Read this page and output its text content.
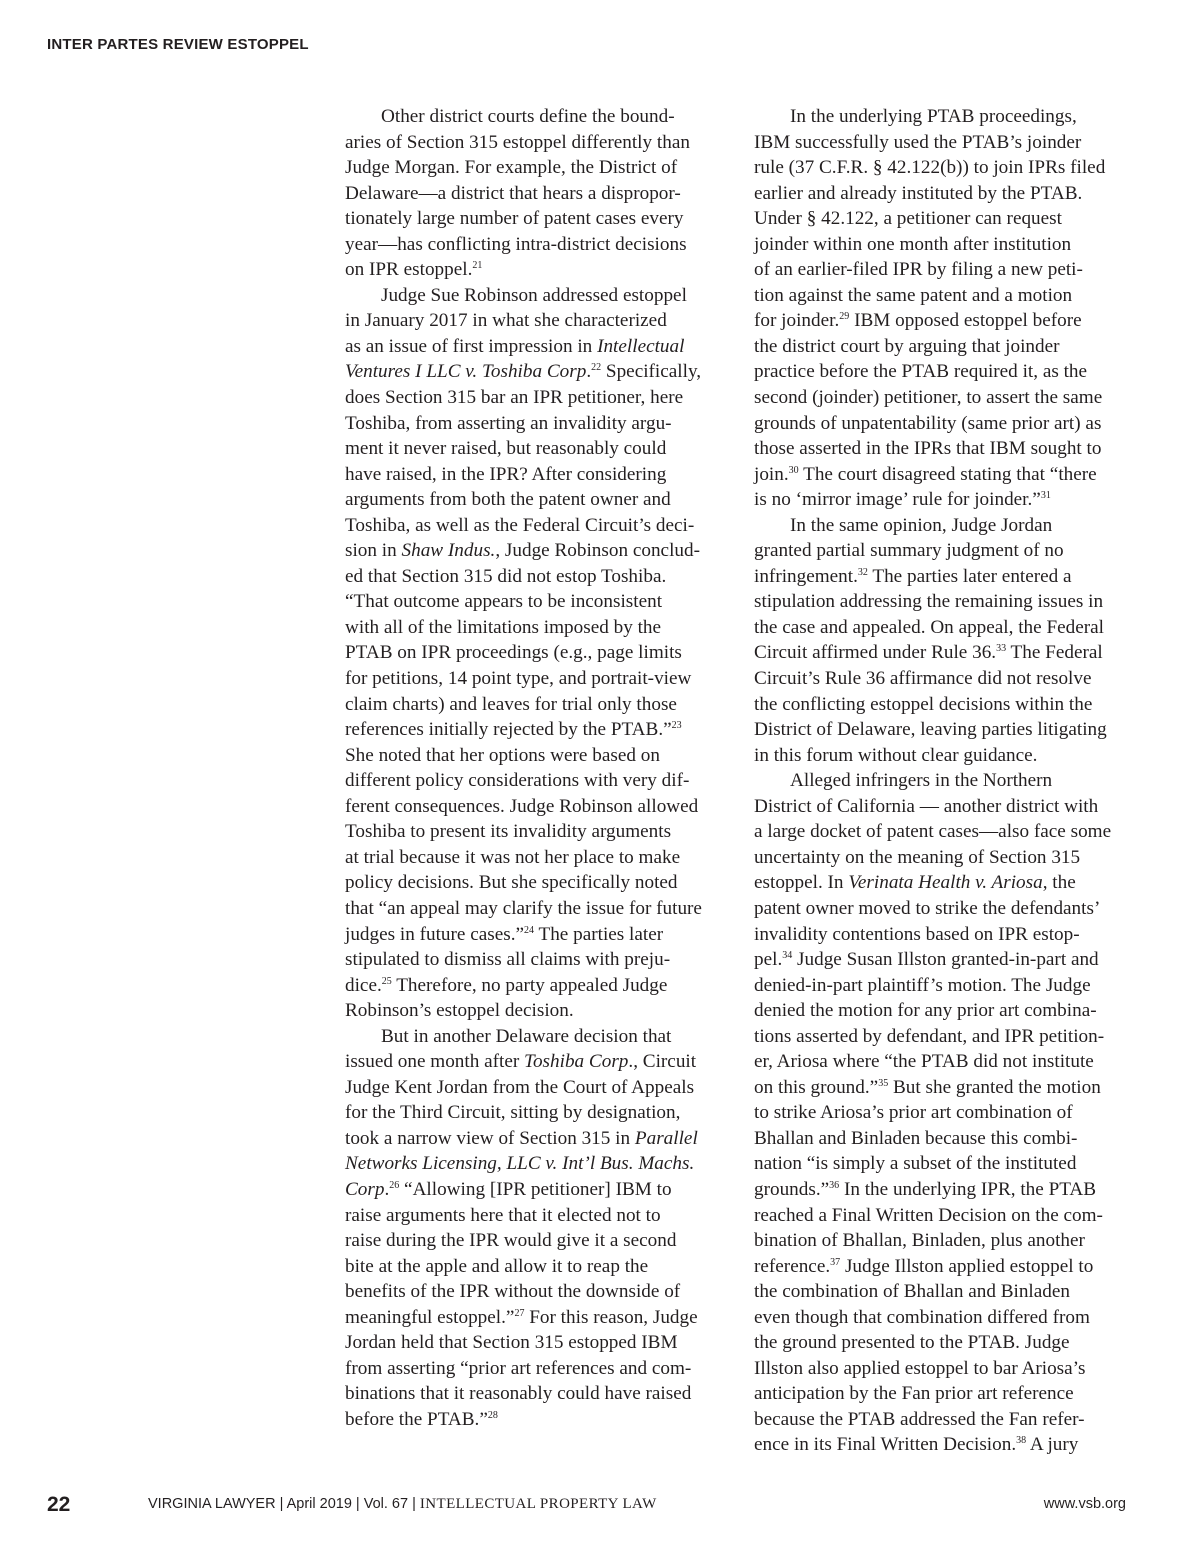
INTER PARTES REVIEW ESTOPPEL
Other district courts define the bound-
aries of Section 315 estoppel differently than
Judge Morgan. For example, the District of
Delaware—a district that hears a dispropor-
tionately large number of patent cases every
year—has conflicting intra-district decisions
on IPR estoppel.$^{21}$
Judge Sue Robinson addressed estoppel
in January 2017 in what she characterized
as an issue of first impression in Intellectual
Ventures I LLC v. Toshiba Corp.$^{22}$ Specifically,
does Section 315 bar an IPR petitioner, here
Toshiba, from asserting an invalidity argu-
ment it never raised, but reasonably could
have raised, in the IPR? After considering
arguments from both the patent owner and
Toshiba, as well as the Federal Circuit’s deci-
sion in Shaw Indus., Judge Robinson conclud-
ed that Section 315 did not estop Toshiba.
“That outcome appears to be inconsistent
with all of the limitations imposed by the
PTAB on IPR proceedings (e.g., page limits
for petitions, 14 point type, and portrait-view
claim charts) and leaves for trial only those
references initially rejected by the PTAB.”$^{23}$
She noted that her options were based on
different policy considerations with very dif-
ferent consequences. Judge Robinson allowed
Toshiba to present its invalidity arguments
at trial because it was not her place to make
policy decisions. But she specifically noted
that “an appeal may clarify the issue for future
judges in future cases.”$^{24}$ The parties later
stipulated to dismiss all claims with preju-
dice.$^{25}$ Therefore, no party appealed Judge
Robinson’s estoppel decision.
But in another Delaware decision that
issued one month after Toshiba Corp., Circuit
Judge Kent Jordan from the Court of Appeals
for the Third Circuit, sitting by designation,
took a narrow view of Section 315 in Parallel
Networks Licensing, LLC v. Int’l Bus. Machs.
Corp.$^{26}$ “Allowing [IPR petitioner] IBM to
raise arguments here that it elected not to
raise during the IPR would give it a second
bite at the apple and allow it to reap the
benefits of the IPR without the downside of
meaningful estoppel.”$^{27}$ For this reason, Judge
Jordan held that Section 315 estopped IBM
from asserting “prior art references and com-
binations that it reasonably could have raised
before the PTAB.”$^{28}$
In the underlying PTAB proceedings,
IBM successfully used the PTAB’s joinder
rule (37 C.F.R. § 42.122(b)) to join IPRs filed
earlier and already instituted by the PTAB.
Under § 42.122, a petitioner can request
joinder within one month after institution
of an earlier-filed IPR by filing a new peti-
tion against the same patent and a motion
for joinder.$^{29}$ IBM opposed estoppel before
the district court by arguing that joinder
practice before the PTAB required it, as the
second (joinder) petitioner, to assert the same
grounds of unpatentability (same prior art) as
those asserted in the IPRs that IBM sought to
join.$^{30}$ The court disagreed stating that “there
is no ‘mirror image’ rule for joinder.”$^{31}$
In the same opinion, Judge Jordan
granted partial summary judgment of no
infringement.$^{32}$ The parties later entered a
stipulation addressing the remaining issues in
the case and appealed. On appeal, the Federal
Circuit affirmed under Rule 36.33 The Federal
Circuit’s Rule 36 affirmance did not resolve
the conflicting estoppel decisions within the
District of Delaware, leaving parties litigating
in this forum without clear guidance.
Alleged infringers in the Northern
District of California — another district with
a large docket of patent cases—also face some
uncertainty on the meaning of Section 315
estoppel. In Verinata Health v. Ariosa, the
patent owner moved to strike the defendants’
invalidity contentions based on IPR estop-
pel.$^{34}$ Judge Susan Illston granted-in-part and
denied-in-part plaintiff’s motion. The Judge
denied the motion for any prior art combina-
tions asserted by defendant, and IPR petition-
er, Ariosa where “the PTAB did not institute
on this ground.”$^{35}$ But she granted the motion
to strike Ariosa’s prior art combination of
Bhallan and Binladen because this combi-
nation “is simply a subset of the instituted
grounds.”$^{36}$ In the underlying IPR, the PTAB
reached a Final Written Decision on the com-
bination of Bhallan, Binladen, plus another
reference.$^{37}$ Judge Illston applied estoppel to
the combination of Bhallan and Binladen
even though that combination differed from
the ground presented to the PTAB. Judge
Illston also applied estoppel to bar Ariosa’s
anticipation by the Fan prior art reference
because the PTAB addressed the Fan refer-
ence in its Final Written Decision.$^{38}$ A jury
22	VIRGINIA LAWYER | April 2019 | Vol. 67 | INTELLECTUAL PROPERTY LAW	www.vsb.org
